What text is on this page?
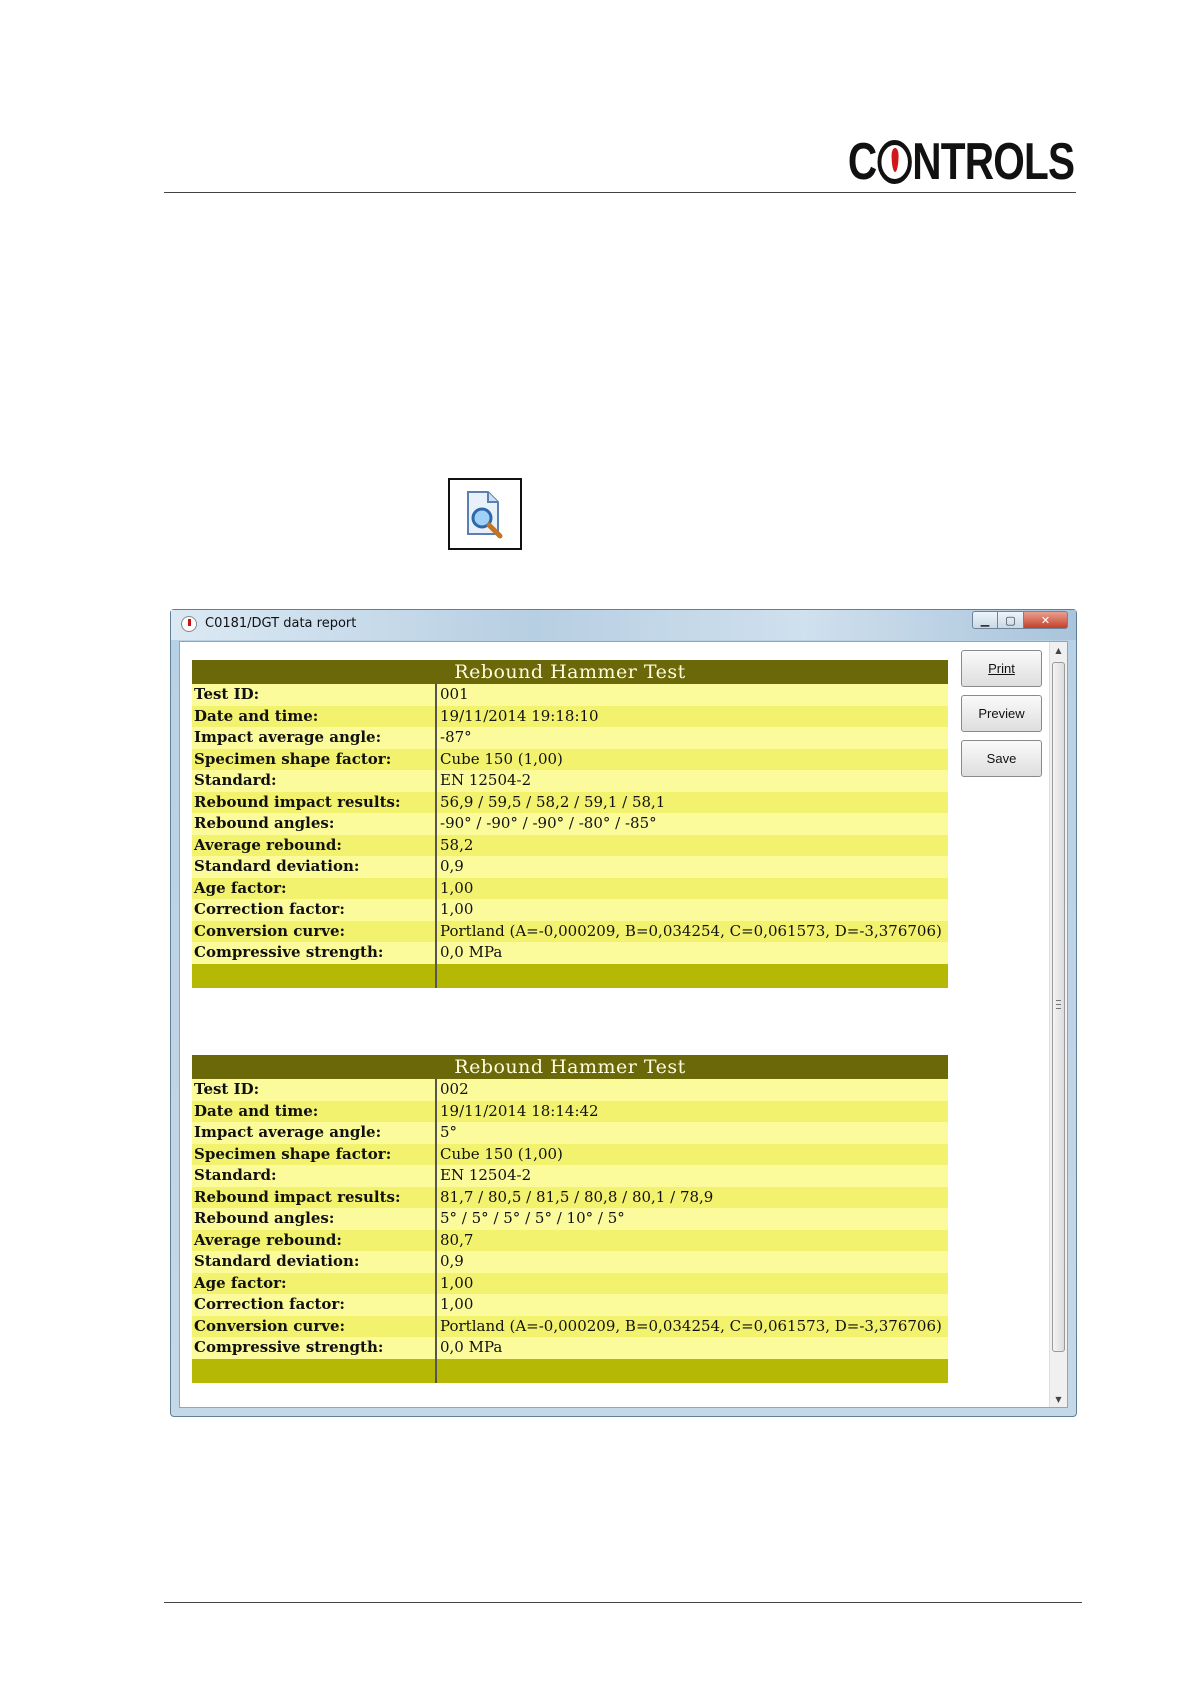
C NTROLS
C0181/DGT data report	▁ ▢ ✕
Rebound Hammer Test
Test ID:	001
Date and time:	19/11/2014 19:18:10
Impact average angle:	-87°
Specimen shape factor:	Cube 150 (1,00)
Standard:	EN 12504-2
Rebound impact results:	56,9 / 59,5 / 58,2 / 59,1 / 58,1
Rebound angles:	-90° / -90° / -90° / -80° / -85°
Average rebound:	58,2
Standard deviation:	0,9
Age factor:	1,00
Correction factor:	1,00
Conversion curve:	Portland (A=-0,000209, B=0,034254, C=0,061573, D=-3,376706)
Compressive strength:	0,0 MPa
Rebound Hammer Test
Test ID:	002
Date and time:	19/11/2014 18:14:42
Impact average angle:	5°
Specimen shape factor:	Cube 150 (1,00)
Standard:	EN 12504-2
Rebound impact results:	81,7 / 80,5 / 81,5 / 80,8 / 80,1 / 78,9
Rebound angles:	5° / 5° / 5° / 5° / 10° / 5°
Average rebound:	80,7
Standard deviation:	0,9
Age factor:	1,00
Correction factor:	1,00
Conversion curve:	Portland (A=-0,000209, B=0,034254, C=0,061573, D=-3,376706)
Compressive strength:	0,0 MPa
Print
Preview
Save
▲
▼
